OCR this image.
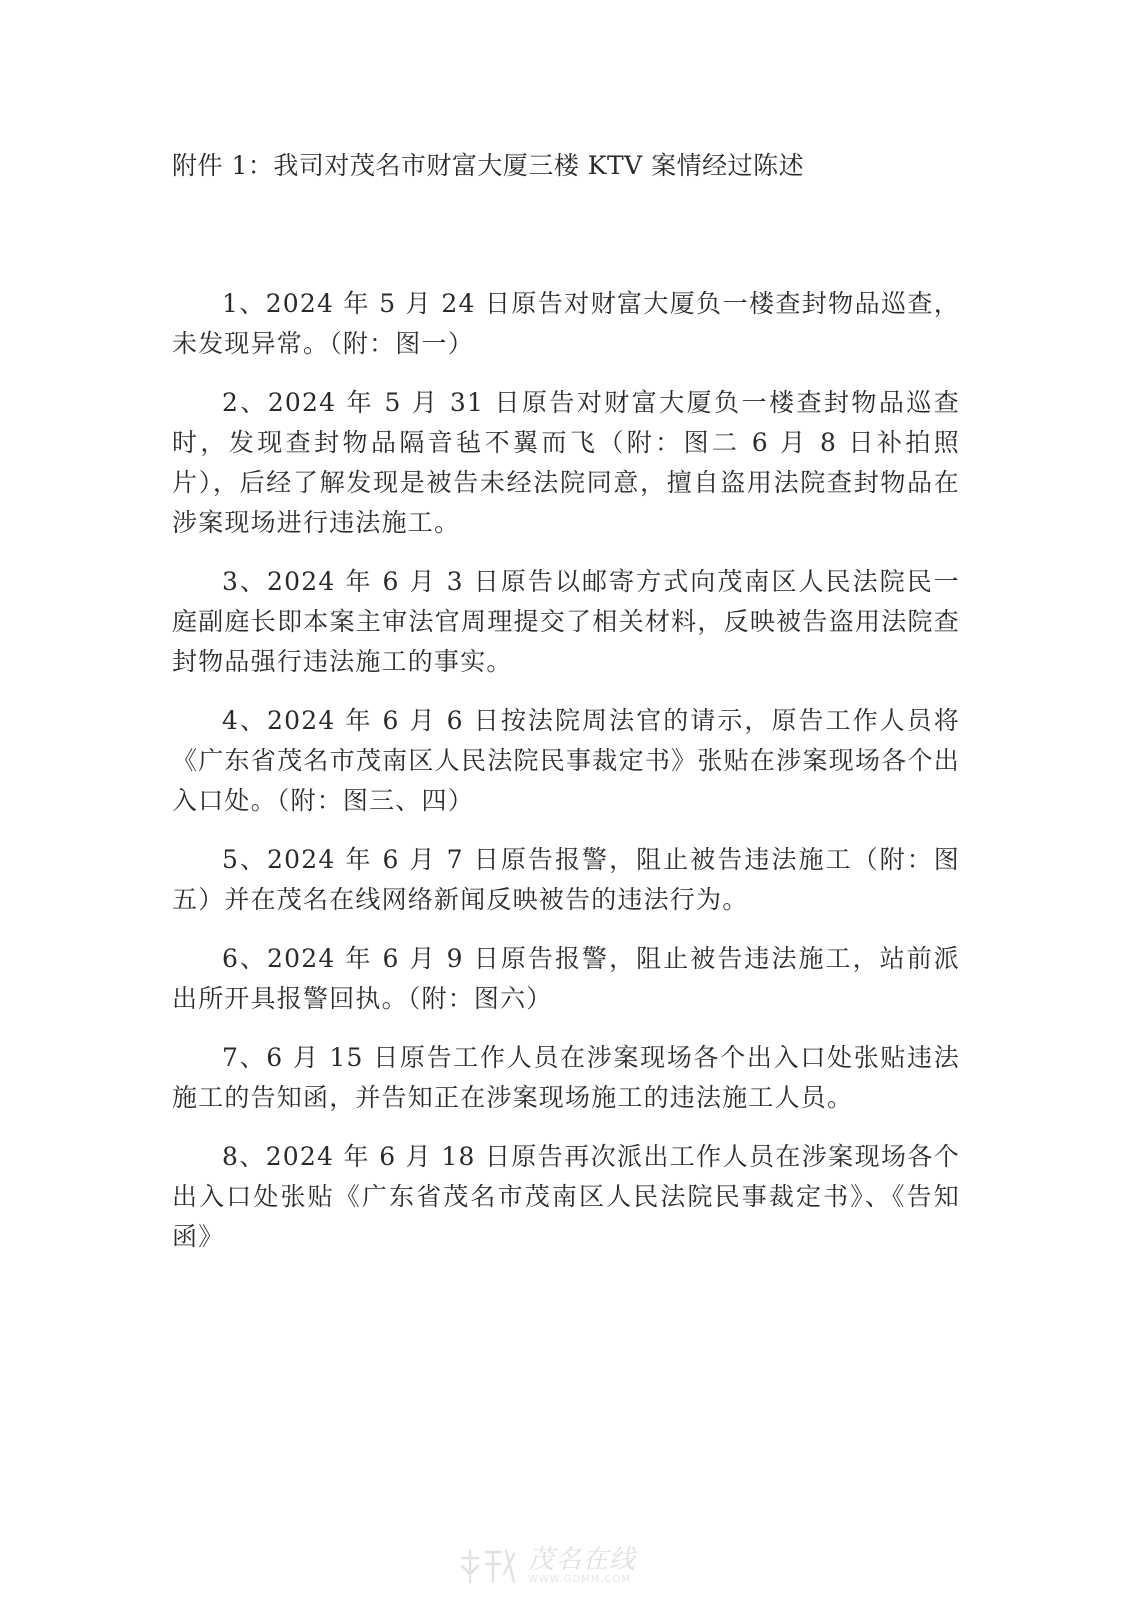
附件 1：我司对茂名市财富大厦三楼 KTV 案情经过陈述

1、2024 年 5 月 24 日原告对财富大厦负一楼查封物品巡查，未发现异常。（附：图一）

2、2024 年 5 月 31 日原告对财富大厦负一楼查封物品巡查时，发现查封物品隔音毡不翼而飞（附：图二 6 月 8 日补拍照片），后经了解发现是被告未经法院同意，擅自盗用法院查封物品在涉案现场进行违法施工。

3、2024 年 6 月 3 日原告以邮寄方式向茂南区人民法院民一庭副庭长即本案主审法官周理提交了相关材料，反映被告盗用法院查封物品强行违法施工的事实。

4、2024 年 6 月 6 日按法院周法官的请示，原告工作人员将《广东省茂名市茂南区人民法院民事裁定书》张贴在涉案现场各个出入口处。（附：图三、四）

5、2024 年 6 月 7 日原告报警，阻止被告违法施工（附：图五）并在茂名在线网络新闻反映被告的违法行为。

6、2024 年 6 月 9 日原告报警，阻止被告违法施工，站前派出所开具报警回执。（附：图六）

7、6 月 15 日原告工作人员在涉案现场各个出入口处张贴违法施工的告知函，并告知正在涉案现场施工的违法施工人员。

8、2024 年 6 月 18 日原告再次派出工作人员在涉案现场各个出入口处张贴《广东省茂名市茂南区人民法院民事裁定书》、《告知函》

茂名在线
WWW.GDMM.COM
